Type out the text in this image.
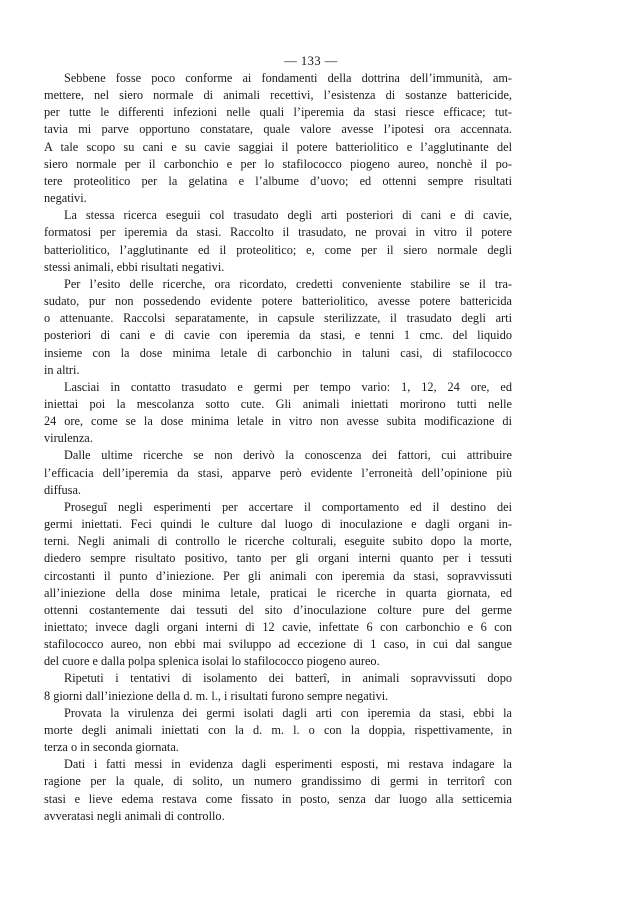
— 133 —
Sebbene fosse poco conforme ai fondamenti della dottrina dell’immunità, am-
mettere, nel siero normale di animali recettivi, l’esistenza di sostanze battericide,
per tutte le differenti infezioni nelle quali l’iperemia da stasi riesce efficace; tut-
tavia mi parve opportuno constatare, quale valore avesse l’ipotesi ora accennata.
A tale scopo su cani e su cavie saggiai il potere batteriolitico e l’agglutinante del
siero normale per il carbonchio e per lo stafilococco piogeno aureo, nonchè il po-
tere proteolitico per la gelatina e l’albume d’uovo; ed ottenni sempre risultati
negativi.
La stessa ricerca eseguii col trasudato degli arti posteriori di cani e di cavie,
formatosi per iperemia da stasi. Raccolto il trasudato, ne provai in vitro il potere
batteriolitico, l’agglutinante ed il proteolitico; e, come per il siero normale degli
stessi animali, ebbi risultati negativi.
Per l’esito delle ricerche, ora ricordato, credetti conveniente stabilire se il tra-
sudato, pur non possedendo evidente potere batteriolitico, avesse potere battericida
o attenuante. Raccolsi separatamente, in capsule sterilizzate, il trasudato degli arti
posteriori di cani e di cavie con iperemia da stasi, e tenni 1 cmc. del liquido
insieme con la dose minima letale di carbonchio in taluni casi, di stafilococco
in altri.
Lasciai in contatto trasudato e germi per tempo vario: 1, 12, 24 ore, ed
iniettai poi la mescolanza sotto cute. Gli animali iniettati morirono tutti nelle
24 ore, come se la dose minima letale in vitro non avesse subita modificazione di
virulenza.
Dalle ultime ricerche se non derivò la conoscenza dei fattori, cui attribuire
l’efficacia dell’iperemia da stasi, apparve però evidente l’erroneità dell’opinione più
diffusa.
Proseguî negli esperimenti per accertare il comportamento ed il destino dei
germi iniettati. Feci quindi le culture dal luogo di inoculazione e dagli organi in-
terni. Negli animali di controllo le ricerche colturali, eseguite subito dopo la morte,
diedero sempre risultato positivo, tanto per gli organi interni quanto per i tessuti
circostanti il punto d’iniezione. Per gli animali con iperemia da stasi, sopravvissuti
all’iniezione della dose minima letale, praticai le ricerche in quarta giornata, ed
ottenni costantemente dai tessuti del sito d’inoculazione colture pure del germe
iniettato; invece dagli organi interni di 12 cavie, infettate 6 con carbonchio e 6 con
stafilococco aureo, non ebbi mai sviluppo ad eccezione di 1 caso, in cui dal sangue
del cuore e dalla polpa splenica isolai lo stafilococco piogeno aureo.
Ripetuti i tentativi di isolamento dei batterî, in animali sopravvissuti dopo
8 giorni dall’iniezione della d. m. l., i risultati furono sempre negativi.
Provata la virulenza dei germi isolati dagli arti con iperemia da stasi, ebbi la
morte degli animali iniettati con la d. m. l. o con la doppia, rispettivamente, in
terza o in seconda giornata.
Dati i fatti messi in evidenza dagli esperimenti esposti, mi restava indagare la
ragione per la quale, di solito, un numero grandissimo di germi in territorî con
stasi e lieve edema restava come fissato in posto, senza dar luogo alla setticemia
avveratasi negli animali di controllo.
